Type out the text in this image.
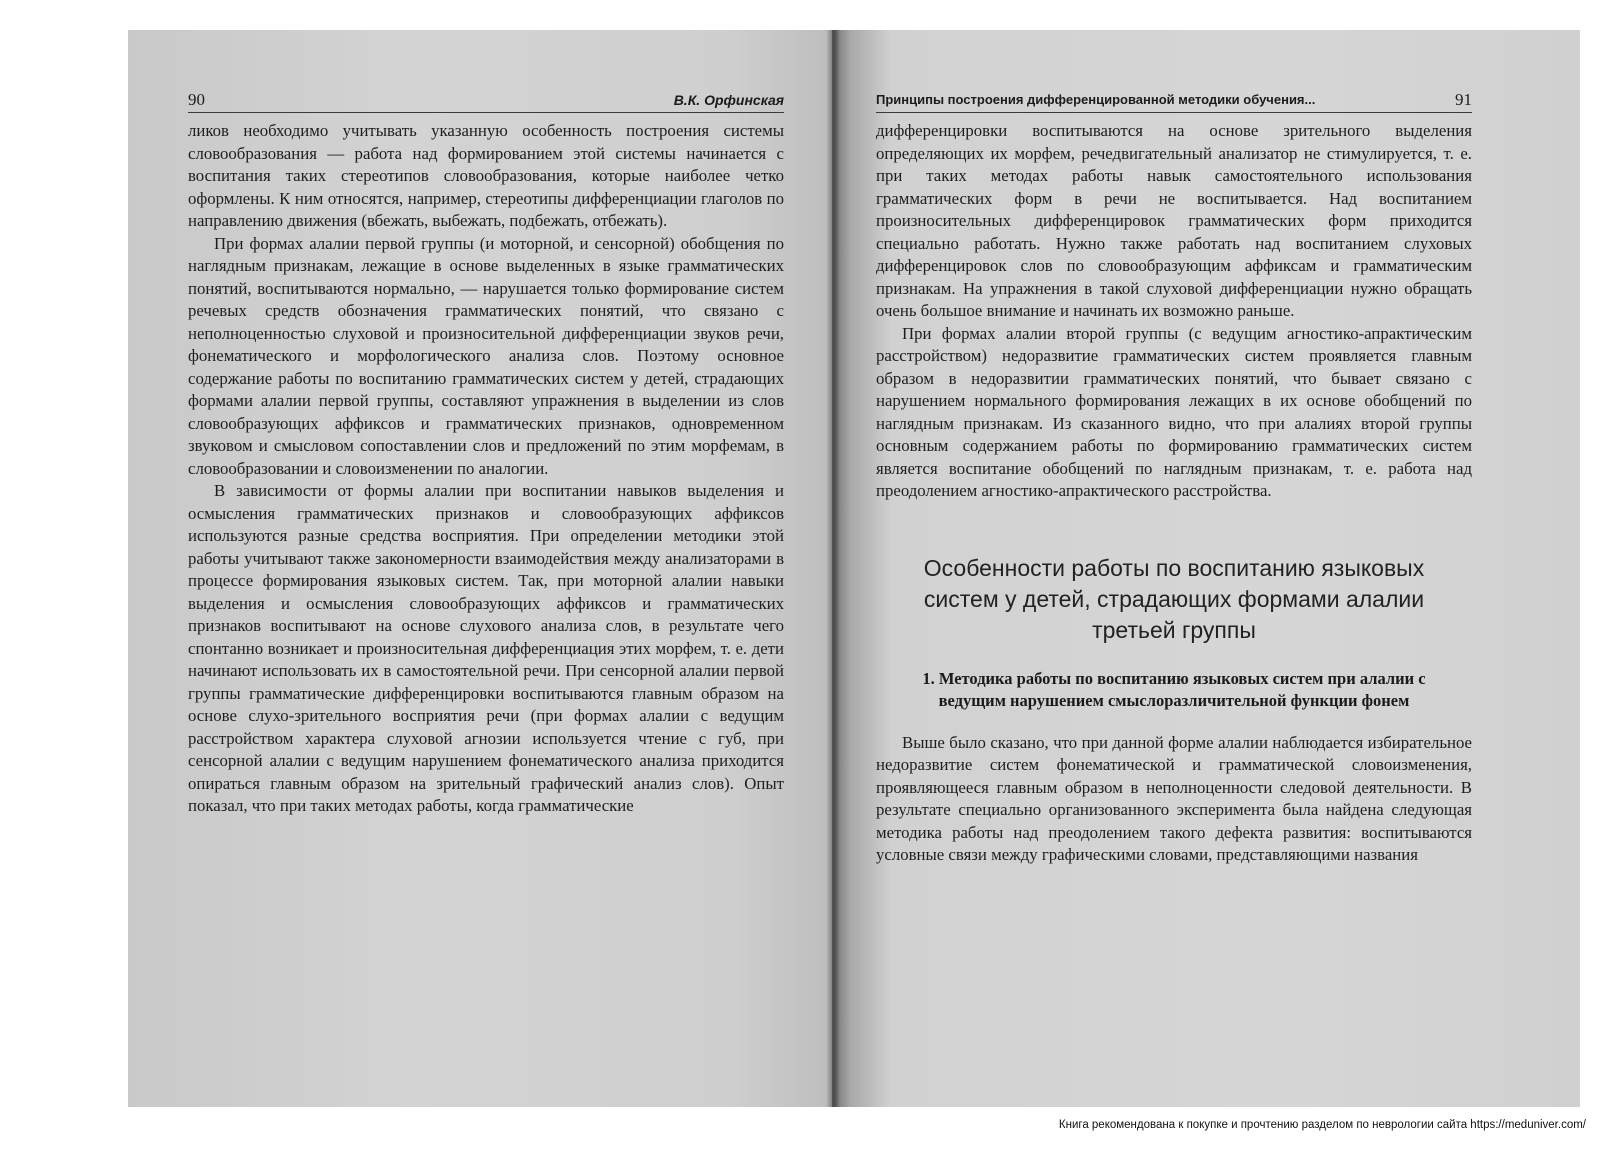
90	В.К. Орфинская

ликов необходимо учитывать указанную особенность построения системы словообразования — работа над формированием этой системы начинается с воспитания таких стереотипов словообразования, которые наиболее четко оформлены. К ним относятся, например, стереотипы дифференциации глаголов по направлению движения (вбежать, выбежать, подбежать, отбежать).

При формах алалии первой группы (и моторной, и сенсорной) обобщения по наглядным признакам, лежащие в основе выделенных в языке грамматических понятий, воспитываются нормально, — нарушается только формирование систем речевых средств обозначения грамматических понятий, что связано с неполноценностью слуховой и произносительной дифференциации звуков речи, фонематического и морфологического анализа слов. Поэтому основное содержание работы по воспитанию грамматических систем у детей, страдающих формами алалии первой группы, составляют упражнения в выделении из слов словообразующих аффиксов и грамматических признаков, одновременном звуковом и смысловом сопоставлении слов и предложений по этим морфемам, в словообразовании и словоизменении по аналогии.

В зависимости от формы алалии при воспитании навыков выделения и осмысления грамматических признаков и словообразующих аффиксов используются разные средства восприятия. При определении методики этой работы учитывают также закономерности взаимодействия между анализаторами в процессе формирования языковых систем. Так, при моторной алалии навыки выделения и осмысления словообразующих аффиксов и грамматических признаков воспитывают на основе слухового анализа слов, в результате чего спонтанно возникает и произносительная дифференциация этих морфем, т. е. дети начинают использовать их в самостоятельной речи. При сенсорной алалии первой группы грамматические дифференцировки воспитываются главным образом на основе слухо-зрительного восприятия речи (при формах алалии с ведущим расстройством характера слуховой агнозии используется чтение с губ, при сенсорной алалии с ведущим нарушением фонематического анализа приходится опираться главным образом на зрительный графический анализ слов). Опыт показал, что при таких методах работы, когда грамматические

Принципы построения дифференцированной методики обучения...	91

дифференцировки воспитываются на основе зрительного выделения определяющих их морфем, речедвигательный анализатор не стимулируется, т. е. при таких методах работы навык самостоятельного использования грамматических форм в речи не воспитывается. Над воспитанием произносительных дифференцировок грамматических форм приходится специально работать. Нужно также работать над воспитанием слуховых дифференцировок слов по словообразующим аффиксам и грамматическим признакам. На упражнения в такой слуховой дифференциации нужно обращать очень большое внимание и начинать их возможно раньше.

При формах алалии второй группы (с ведущим агностико-апрактическим расстройством) недоразвитие грамматических систем проявляется главным образом в недоразвитии грамматических понятий, что бывает связано с нарушением нормального формирования лежащих в их основе обобщений по наглядным признакам. Из сказанного видно, что при алалиях второй группы основным содержанием работы по формированию грамматических систем является воспитание обобщений по наглядным признакам, т. е. работа над преодолением агностико-апрактического расстройства.

Особенности работы по воспитанию языковых систем у детей, страдающих формами алалии третьей группы
1. Методика работы по воспитанию языковых систем при алалии с ведущим нарушением смыслоразличительной функции фонем

Выше было сказано, что при данной форме алалии наблюдается избирательное недоразвитие систем фонематической и грамматической словоизменения, проявляющееся главным образом в неполноценности следовой деятельности. В результате специально организованного эксперимента была найдена следующая методика работы над преодолением такого дефекта развития: воспитываются условные связи между графическими словами, представляющими названия

Книга рекомендована к покупке и прочтению разделом по неврологии сайта https://meduniver.com/
